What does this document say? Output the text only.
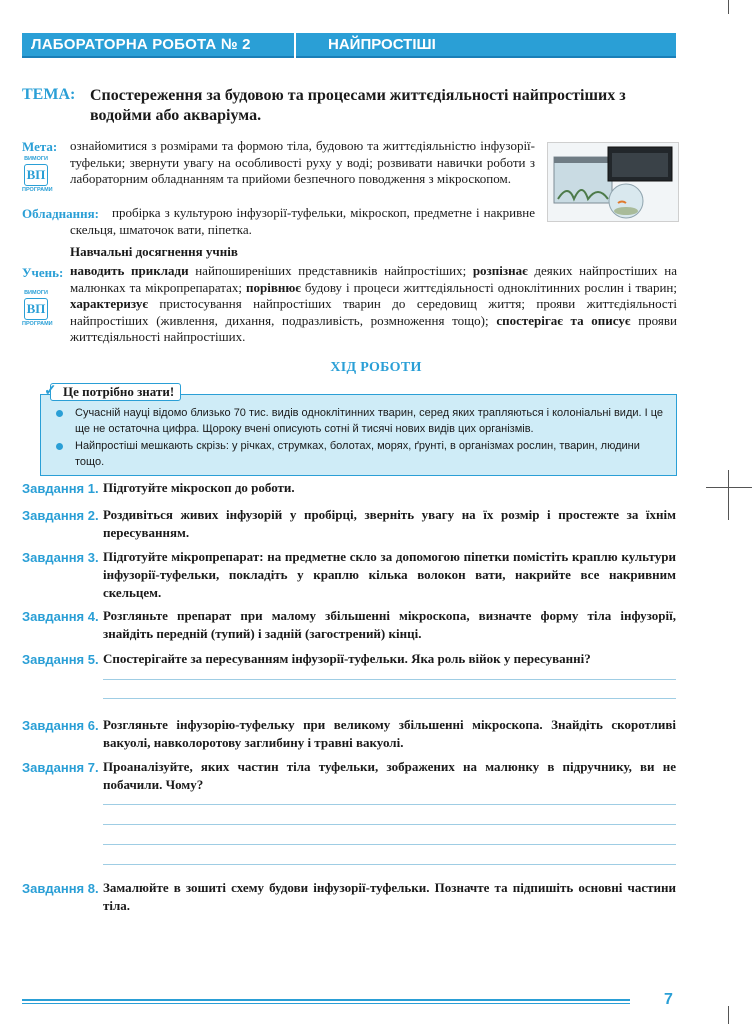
ЛАБОРАТОРНА РОБОТА № 2	НАЙПРОСТІШІ
ТЕМА: Спостереження за будовою та процесами життєдіяльності найпростіших з водойми або акваріума.
Мета: ознайомитися з розмірами та формою тіла, будовою та життєдіяльністю інфузорії-туфельки; звернути увагу на особливості руху у воді; розвивати навички роботи з лабораторним обладнанням та прийоми безпечного поводження з мікроскопом.
ВИМОГИ
ВП
ПРОГРАМИ
Обладнання:	пробірка з культурою інфузорії-туфельки, мікроскоп, предметне і накривне скельця, шматочок вати, піпетка.
Навчальні досягнення учнів
Учень: наводить приклади найпоширеніших представників найпростіших; розпізнає деяких найпростіших на малюнках та мікропрепаратах; порівнює будову і процеси життєдіяльності одноклітинних рослин і тварин; характеризує пристосування найпростіших тварин до середовищ життя; прояви життєдіяльності найпростіших (живлення, дихання, подразливість, розмноження тощо); спостерігає та описує прояви життєдіяльності найпростіших.
ВИМОГИ
ВП
ПРОГРАМИ
ХІД РОБОТИ
Це потрібно знати!
✓
Сучасній науці відомо близько 70 тис. видів одноклітинних тварин, серед яких трапляються і колоніальні види. І це ще не остаточна цифра. Щороку вчені описують сотні й тисячі нових видів цих організмів.
Найпростіші мешкають скрізь: у річках, струмках, болотах, морях, ґрунті, в організмах рослин, тварин, людини тощо.
Завдання 1. Підготуйте мікроскоп до роботи.
Завдання 2. Роздивіться живих інфузорій у пробірці, зверніть увагу на їх розмір і простежте за їхнім пересуванням.
Завдання 3. Підготуйте мікропрепарат: на предметне скло за допомогою піпетки помістіть краплю культури інфузорії-туфельки, покладіть у краплю кілька волокон вати, накрийте все накривним скельцем.
Завдання 4. Розгляньте препарат при малому збільшенні мікроскопа, визначте форму тіла інфузорії, знайдіть передній (тупий) і задній (загострений) кінці.
Завдання 5. Спостерігайте за пересуванням інфузорії-туфельки. Яка роль війок у пересуванні?
Завдання 6. Розгляньте інфузорію-туфельку при великому збільшенні мікроскопа. Знайдіть скоротливі вакуолі, навколоротову заглибину і травні вакуолі.
Завдання 7. Проаналізуйте, яких частин тіла туфельки, зображених на малюнку в підручнику, ви не побачили. Чому?
Завдання 8. Замалюйте в зошиті схему будови інфузорії-туфельки. Позначте та підпишіть основні частини тіла.
7
